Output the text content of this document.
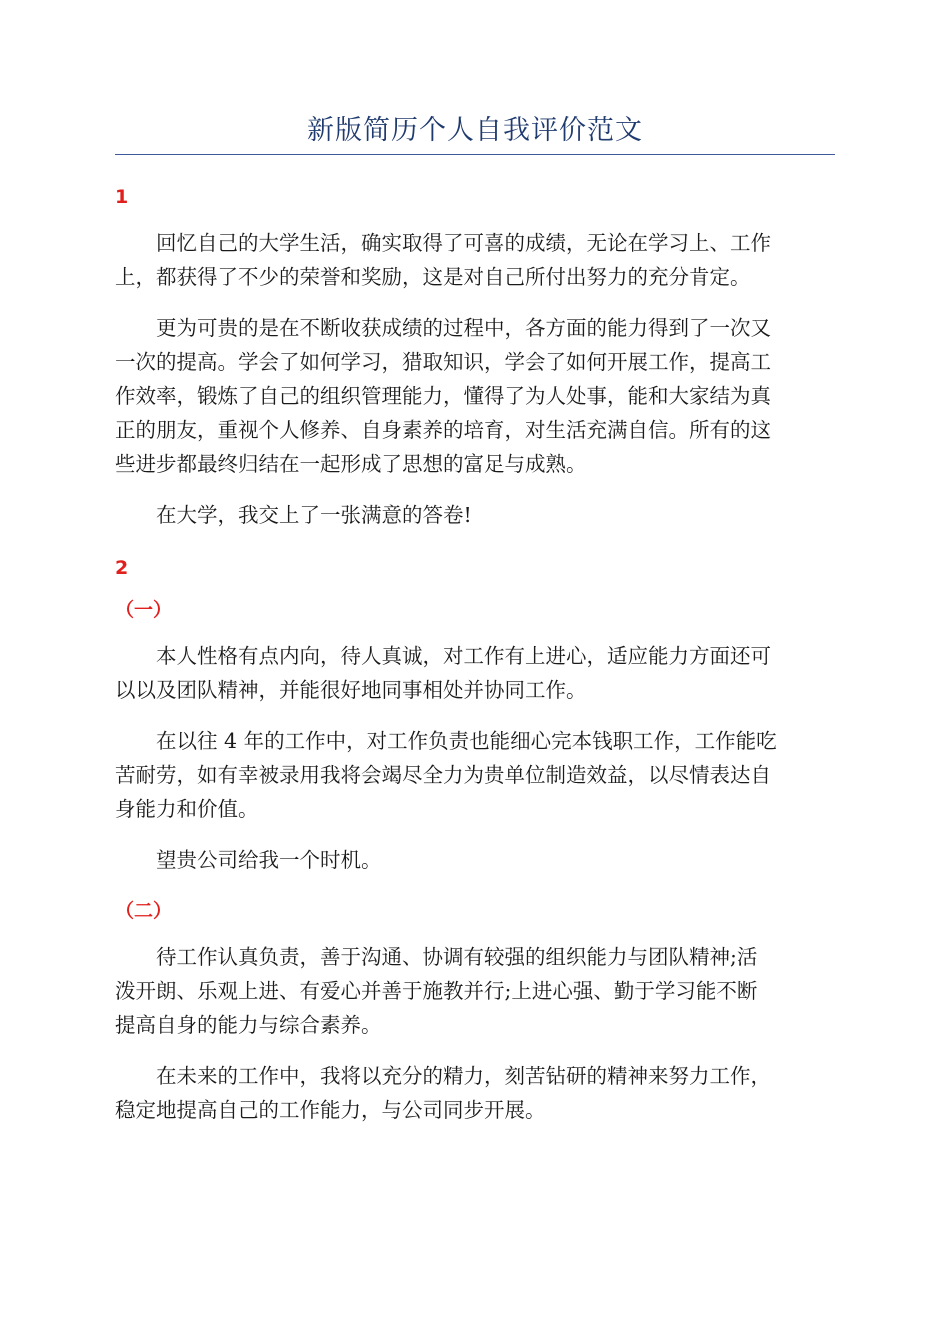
新版简历个人自我评价范文
1

回忆自己的大学生活，确实取得了可喜的成绩，无论在学习上、工作
上，都获得了不少的荣誉和奖励，这是对自己所付出努力的充分肯定。

更为可贵的是在不断收获成绩的过程中，各方面的能力得到了一次又
一次的提高。学会了如何学习，猎取知识，学会了如何开展工作，提高工
作效率，锻炼了自己的组织管理能力，懂得了为人处事，能和大家结为真
正的朋友，重视个人修养、自身素养的培育，对生活充满自信。所有的这
些进步都最终归结在一起形成了思想的富足与成熟。

在大学，我交上了一张满意的答卷!

2
（一）

本人性格有点内向，待人真诚，对工作有上进心，适应能力方面还可
以以及团队精神，并能很好地同事相处并协同工作。

在以往 4 年的工作中，对工作负责也能细心完本钱职工作，工作能吃
苦耐劳，如有幸被录用我将会竭尽全力为贵单位制造效益，以尽情表达自
身能力和价值。

望贵公司给我一个时机。

（二）

待工作认真负责，善于沟通、协调有较强的组织能力与团队精神;活
泼开朗、乐观上进、有爱心并善于施教并行;上进心强、勤于学习能不断
提高自身的能力与综合素养。

在未来的工作中，我将以充分的精力，刻苦钻研的精神来努力工作，
稳定地提高自己的工作能力，与公司同步开展。
